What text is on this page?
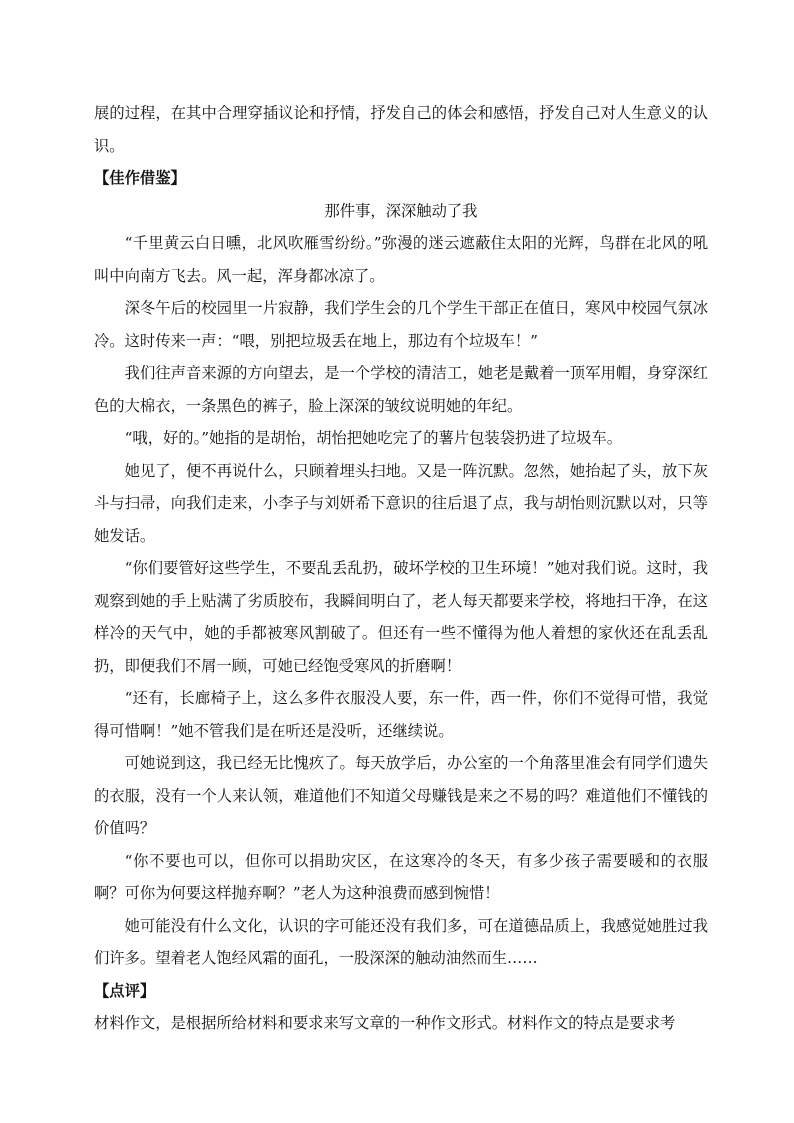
展的过程，在其中合理穿插议论和抒情，抒发自己的体会和感悟，抒发自己对人生意义的认识。

【佳作借鉴】

那件事，深深触动了我

“千里黄云白日曛，北风吹雁雪纷纷。”弥漫的迷云遮蔽住太阳的光辉，鸟群在北风的吼叫中向南方飞去。风一起，浑身都冰凉了。

深冬午后的校园里一片寂静，我们学生会的几个学生干部正在值日，寒风中校园气氛冰冷。这时传来一声：“喂，别把垃圾丢在地上，那边有个垃圾车！”

我们往声音来源的方向望去，是一个学校的清洁工，她老是戴着一顶军用帽，身穿深红色的大棉衣，一条黑色的裤子，脸上深深的皱纹说明她的年纪。

“哦，好的。”她指的是胡怡，胡怡把她吃完了的薯片包装袋扔进了垃圾车。

她见了，便不再说什么，只顾着埋头扫地。又是一阵沉默。忽然，她抬起了头，放下灰斗与扫帚，向我们走来，小李子与刘妍希下意识的往后退了点，我与胡怡则沉默以对，只等她发话。

“你们要管好这些学生，不要乱丢乱扔，破坏学校的卫生环境！”她对我们说。这时，我观察到她的手上贴满了劣质胶布，我瞬间明白了，老人每天都要来学校，将地扫干净，在这样冷的天气中，她的手都被寒风割破了。但还有一些不懂得为他人着想的家伙还在乱丢乱扔，即便我们不屑一顾，可她已经饱受寒风的折磨啊！

“还有，长廊椅子上，这么多件衣服没人要，东一件，西一件，你们不觉得可惜，我觉得可惜啊！”她不管我们是在听还是没听，还继续说。

可她说到这，我已经无比愧疚了。每天放学后，办公室的一个角落里准会有同学们遗失的衣服，没有一个人来认领，难道他们不知道父母赚钱是来之不易的吗？难道他们不懂钱的价值吗？

“你不要也可以，但你可以捐助灾区，在这寒冷的冬天，有多少孩子需要暖和的衣服啊？可你为何要这样抛弃啊？”老人为这种浪费而感到惋惜！

她可能没有什么文化，认识的字可能还没有我们多，可在道德品质上，我感觉她胜过我们许多。望着老人饱经风霜的面孔，一股深深的触动油然而生……

【点评】

材料作文，是根据所给材料和要求来写文章的一种作文形式。材料作文的特点是要求考
